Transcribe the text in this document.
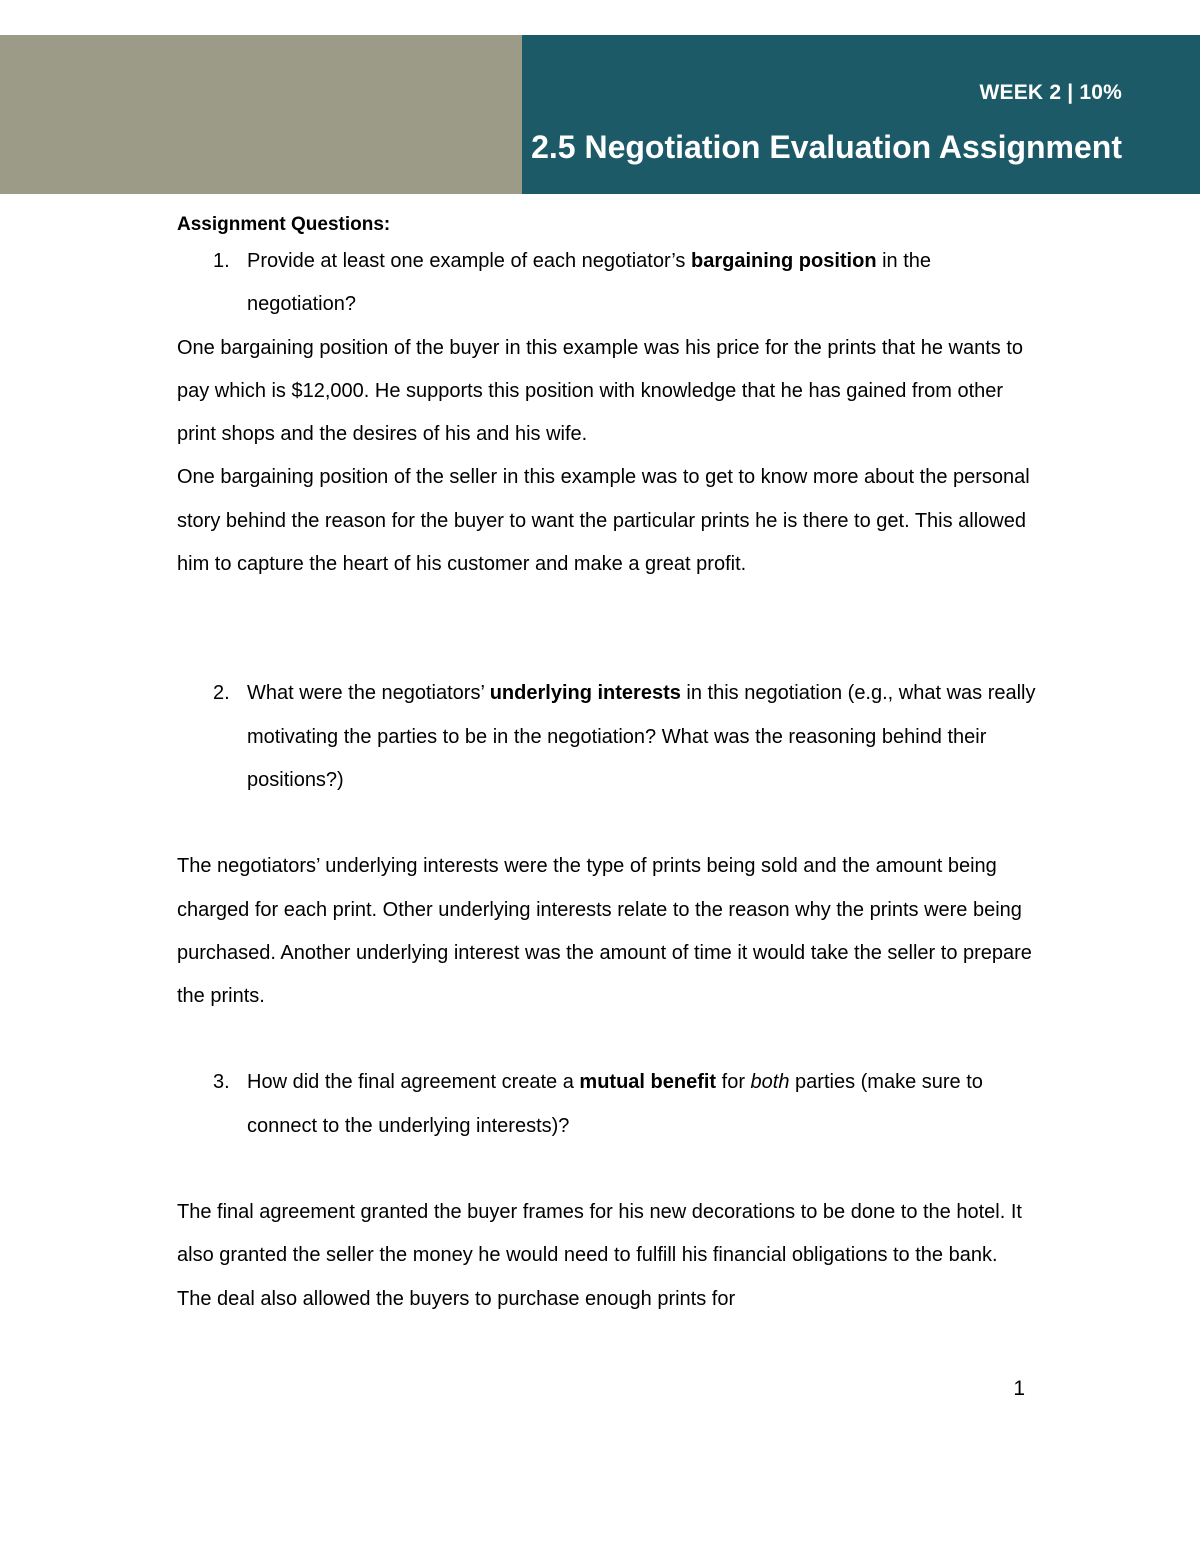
WEEK 2 | 10%
2.5 Negotiation Evaluation Assignment

Assignment Questions:

1. Provide at least one example of each negotiator’s bargaining position in the negotiation?

One bargaining position of the buyer in this example was his price for the prints that he wants to pay which is $12,000. He supports this position with knowledge that he has gained from other print shops and the desires of his and his wife.

One bargaining position of the seller in this example was to get to know more about the personal story behind the reason for the buyer to want the particular prints he is there to get. This allowed him to capture the heart of his customer and make a great profit.

2. What were the negotiators’ underlying interests in this negotiation (e.g., what was really motivating the parties to be in the negotiation? What was the reasoning behind their positions?)

The negotiators’ underlying interests were the type of prints being sold and the amount being charged for each print. Other underlying interests relate to the reason why the prints were being purchased. Another underlying interest was the amount of time it would take the seller to prepare the prints.

3. How did the final agreement create a mutual benefit for both parties (make sure to connect to the underlying interests)?

The final agreement granted the buyer frames for his new decorations to be done to the hotel. It also granted the seller the money he would need to fulfill his financial obligations to the bank. The deal also allowed the buyers to purchase enough prints for

1
